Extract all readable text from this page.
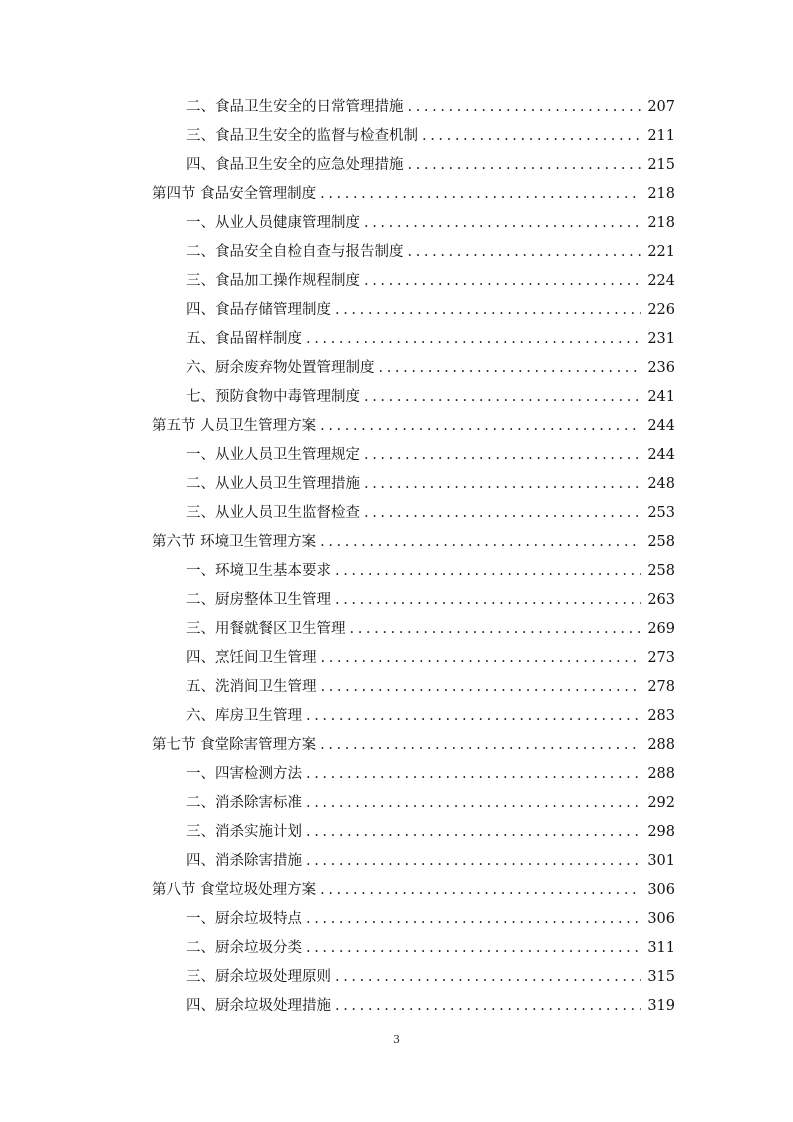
二、食品卫生安全的日常管理措施 .....	207
三、食品卫生安全的监督与检查机制 .....	211
四、食品卫生安全的应急处理措施 .....	215
第四节 食品安全管理制度 .....	218
一、从业人员健康管理制度 .....	218
二、食品安全自检自查与报告制度 .....	221
三、食品加工操作规程制度 .....	224
四、食品存储管理制度 .....	226
五、食品留样制度 .....	231
六、厨余废弃物处置管理制度 .....	236
七、预防食物中毒管理制度 .....	241
第五节 人员卫生管理方案 .....	244
一、从业人员卫生管理规定 .....	244
二、从业人员卫生管理措施 .....	248
三、从业人员卫生监督检查 .....	253
第六节 环境卫生管理方案 .....	258
一、环境卫生基本要求 .....	258
二、厨房整体卫生管理 .....	263
三、用餐就餐区卫生管理 .....	269
四、烹饪间卫生管理 .....	273
五、洗消间卫生管理 .....	278
六、库房卫生管理 .....	283
第七节 食堂除害管理方案 .....	288
一、四害检测方法 .....	288
二、消杀除害标准 .....	292
三、消杀实施计划 .....	298
四、消杀除害措施 .....	301
第八节 食堂垃圾处理方案 .....	306
一、厨余垃圾特点 .....	306
二、厨余垃圾分类 .....	311
三、厨余垃圾处理原则 .....	315
四、厨余垃圾处理措施 .....	319
3
